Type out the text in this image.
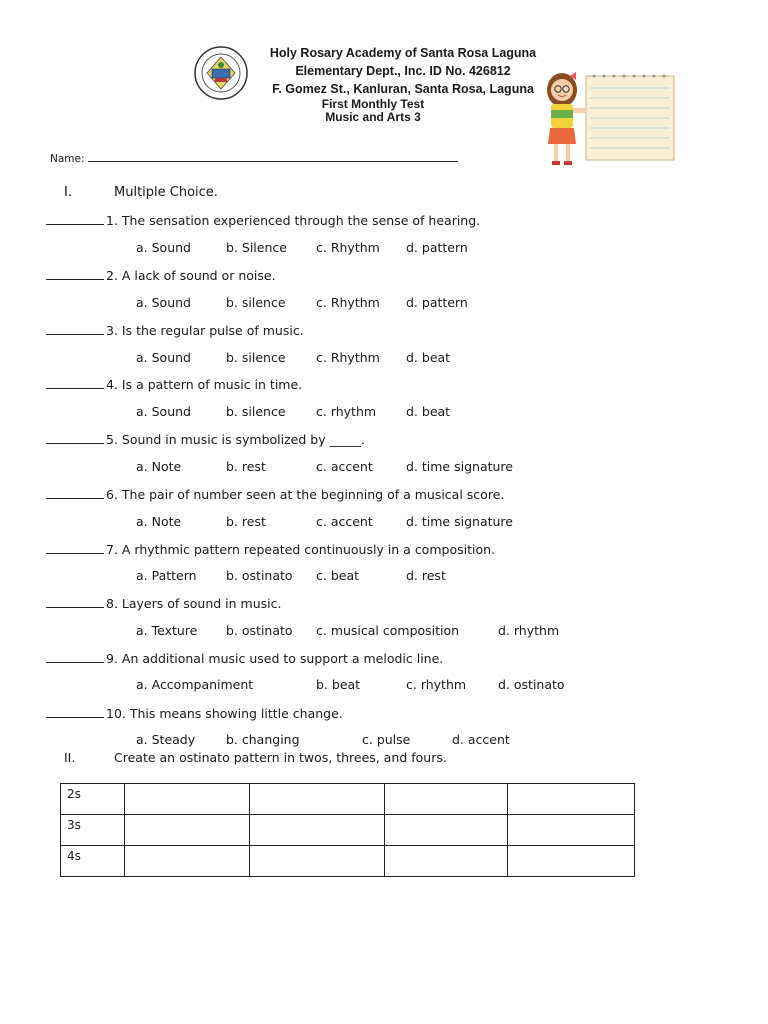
Holy Rosary Academy of Santa Rosa Laguna
Elementary Dept., Inc. ID No. 426812
F. Gomez St., Kanluran, Santa Rosa, Laguna
First Monthly Test
Music and Arts 3
Name:
I.	Multiple Choice.
1. The sensation experienced through the sense of hearing.
a. Sound	b. Silence c. Rhythm d. pattern
2. A lack of sound or noise.
a. Sound	b. silence c. Rhythm d. pattern
3. Is the regular pulse of music.
a. Sound	b. silence c. Rhythm d. beat
4. Is a pattern of music in time.
a. Sound	b. silence c. rhythm d. beat
5. Sound in music is symbolized by _____.
a. Note	b. rest	c. accent	d. time signature
6. The pair of number seen at the beginning of a musical score.
a. Note	b. rest	c. accent	d. time signature
7. A rhythmic pattern repeated continuously in a composition.
a. Pattern b. ostinato c. beat	d. rest
8. Layers of sound in music.
a. Texture b. ostinato c. musical composition	d. rhythm
9. An additional music used to support a melodic line.
a. Accompaniment	b. beat	c. rhythm	d. ostinato
10. This means showing little change.
a. Steady b. changing	c. pulse	d. accent
II.	Create an ostinato pattern in twos, threes, and fours.
2s				
3s				
4s				
